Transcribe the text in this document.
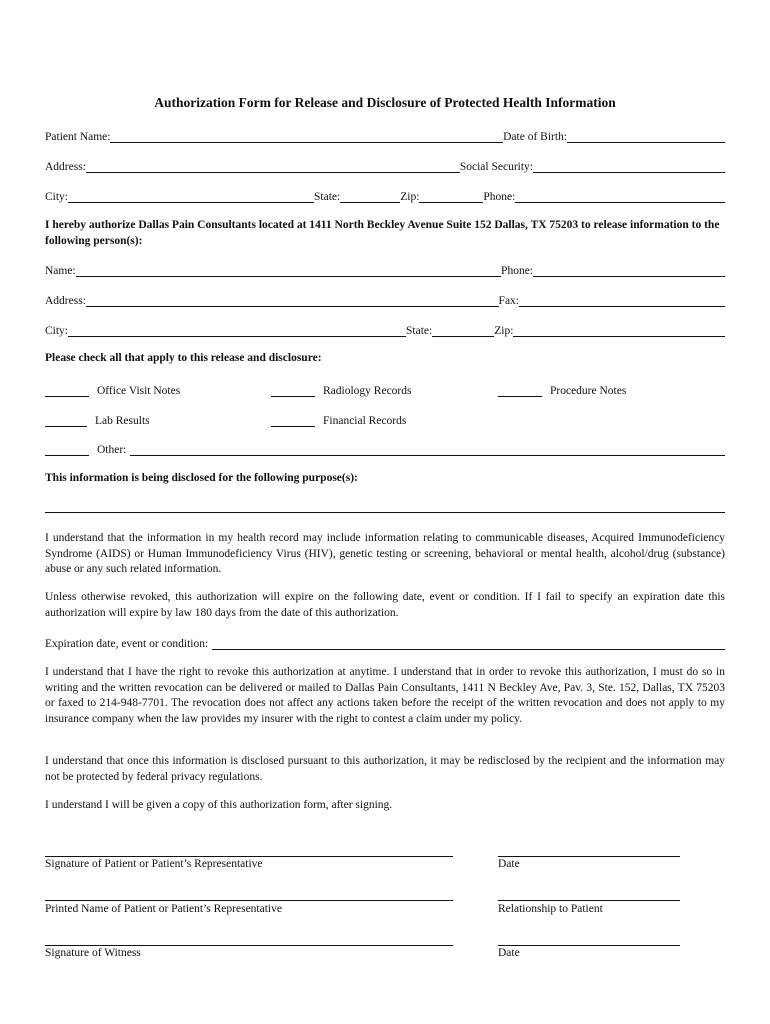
Authorization Form for Release and Disclosure of Protected Health Information
Patient Name:	Date of Birth:
Address:	Social Security:
City:	State:	Zip:	Phone:
I hereby authorize Dallas Pain Consultants located at 1411 North Beckley Avenue Suite 152 Dallas, TX 75203 to release information to the following person(s):
Name:	Phone:
Address:	Fax:
City:	State:	Zip:
Please check all that apply to this release and disclosure:
Office Visit Notes	Radiology Records	Procedure Notes
Lab Results	Financial Records
Other:
This information is being disclosed for the following purpose(s):
I understand that the information in my health record may include information relating to communicable diseases, Acquired Immunodeficiency Syndrome (AIDS) or Human Immunodeficiency Virus (HIV), genetic testing or screening, behavioral or mental health, alcohol/drug (substance) abuse or any such related information.
Unless otherwise revoked, this authorization will expire on the following date, event or condition. If I fail to specify an expiration date this authorization will expire by law 180 days from the date of this authorization.
Expiration date, event or condition:
I understand that I have the right to revoke this authorization at anytime. I understand that in order to revoke this authorization, I must do so in writing and the written revocation can be delivered or mailed to Dallas Pain Consultants, 1411 N Beckley Ave, Pav. 3, Ste. 152, Dallas, TX 75203 or faxed to 214-948-7701. The revocation does not affect any actions taken before the receipt of the written revocation and does not apply to my insurance company when the law provides my insurer with the right to contest a claim under my policy.
I understand that once this information is disclosed pursuant to this authorization, it may be redisclosed by the recipient and the information may not be protected by federal privacy regulations.
I understand I will be given a copy of this authorization form, after signing.
Signature of Patient or Patient’s Representative	Date
Printed Name of Patient or Patient’s Representative	Relationship to Patient
Signature of Witness	Date
